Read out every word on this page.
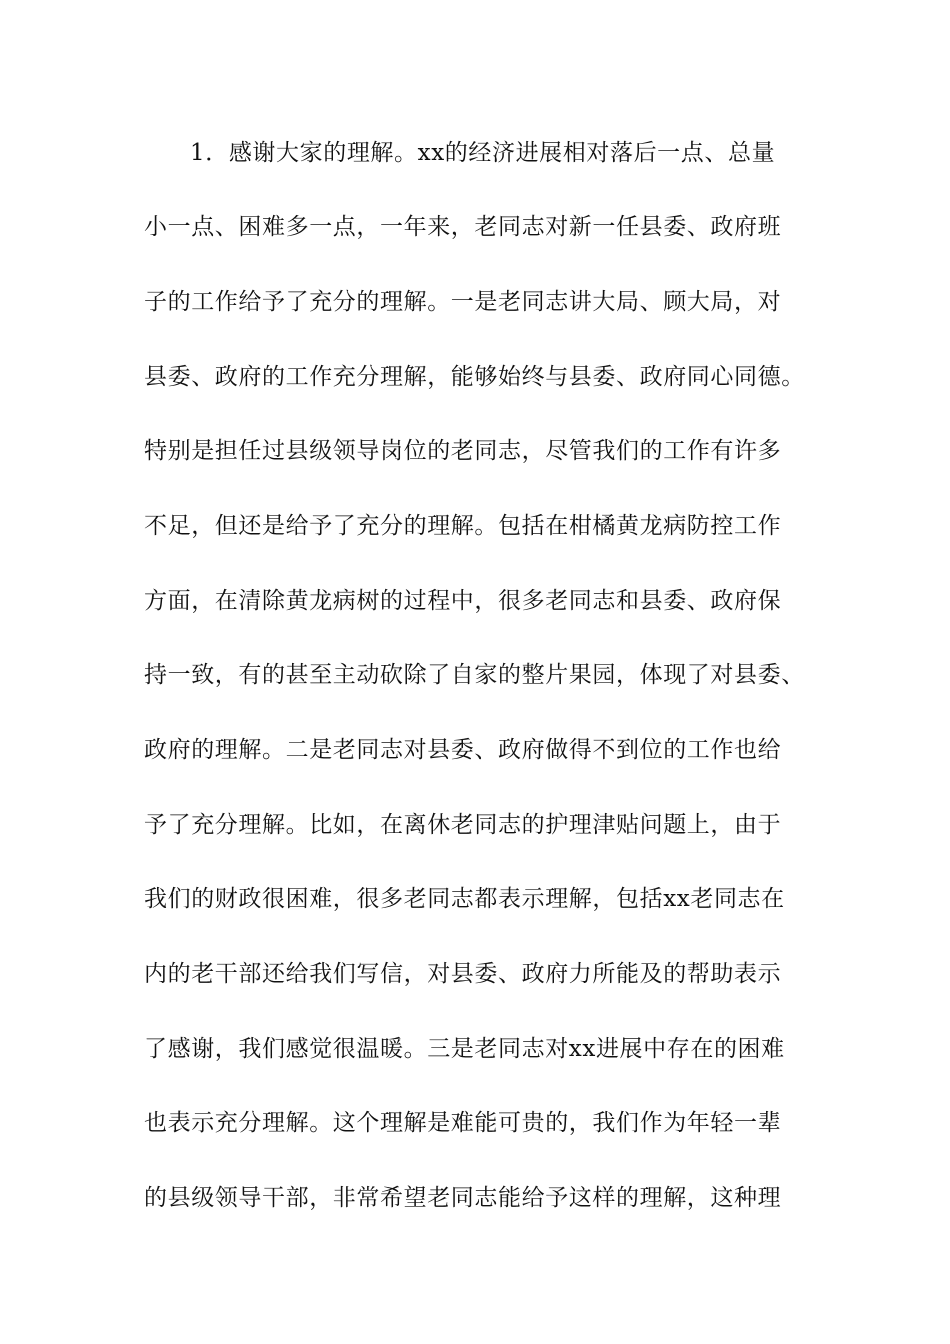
1．感谢大家的理解。xx的经济进展相对落后一点、总量
小一点、困难多一点，一年来，老同志对新一任县委、政府班
子的工作给予了充分的理解。一是老同志讲大局、顾大局，对
县委、政府的工作充分理解，能够始终与县委、政府同心同德。
特别是担任过县级领导岗位的老同志，尽管我们的工作有许多
不足，但还是给予了充分的理解。包括在柑橘黄龙病防控工作
方面，在清除黄龙病树的过程中，很多老同志和县委、政府保
持一致，有的甚至主动砍除了自家的整片果园，体现了对县委、
政府的理解。二是老同志对县委、政府做得不到位的工作也给
予了充分理解。比如，在离休老同志的护理津贴问题上，由于
我们的财政很困难，很多老同志都表示理解，包括xx老同志在
内的老干部还给我们写信，对县委、政府力所能及的帮助表示
了感谢，我们感觉很温暖。三是老同志对xx进展中存在的困难
也表示充分理解。这个理解是难能可贵的，我们作为年轻一辈
的县级领导干部，非常希望老同志能给予这样的理解，这种理
